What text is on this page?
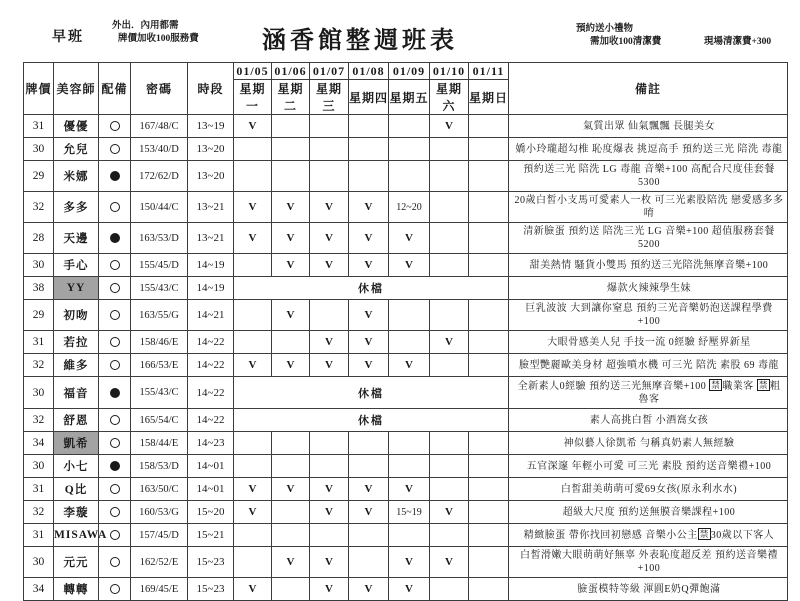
早班
外出．內用都需
牌價加收100服務費	涵香館整週班表	預約送小禮物
需加收100清潔費	現場清潔費+300
牌價	美容師	配備	密碼	時段	01/05	01/06	01/07	01/08	01/09	01/10	01/11	備註
					星期一	星期二	星期三	星期四	星期五	星期六	星期日	
31	優優		167/48/C	13~19	V					V		氣質出眾 仙氣飄飄 長腿美女
30	允兒		153/40/D	13~20								嬌小玲瓏超勾椎 恥度爆表 挑逗高手 預約送三光 陪洗 毒龍
29	米娜		172/62/D	13~20								預約送三光 陪洗 LG 毒龍 音樂+100 高配合尺度佳套餐5300
32	多多		150/44/C	13~21	V	V	V	V	12~20			20歲白皙小支馬可愛素人一枚 可三光素股陪洗 戀愛感多多唷
28	天邊		163/53/D	13~21	V	V	V	V	V			清新臉蛋 預約送 陪洗三光 LG 音樂+100 超值服務套餐5200
30	手心		155/45/D	14~19		V	V	V	V			甜美熱情 騷貨小雙馬 預約送三光陪洗無摩音樂+100
38	YY		155/43/C	14~19	休檔							爆款火辣辣學生妹
29	初吻		163/55/G	14~21		V		V				巨乳波波 大到讓你窒息 預約三光音樂奶泡送課程學費+100
31	若拉		158/46/E	14~22			V	V		V		大眼骨感美人兒 手技一流 0經驗 紓壓界新星
32	維多		166/53/E	14~22	V	V	V	V	V			臉型艷麗歐美身材 超強噴水機 可三光 陪洗 素股 69 毒龍
30	福音		155/43/C	14~22	休檔							全新素人0經驗 預約送三光無摩音樂+100 禁 職業客 禁 粗魯客
32	舒恩		165/54/C	14~22	休檔							素人高挑白皙 小酒窩女孩
34	凱希		158/44/E	14~23								神似藝人徐凱希 勻稱真奶素人無經驗
30	小七		158/53/D	14~01								五官深邃 年輕小可愛 可三光 素股 預約送音樂禮+100
31	Q比		163/50/C	14~01	V	V	V	V	V			白皙甜美萌萌可愛69女孩(原永利水水)
32	李璇		160/53/G	15~20	V		V	V	15~19	V		超級大尺度 預約送無膜音樂課程+100
31	MISAWA		157/45/D	15~21								精緻臉蛋 帶你找回初戀感 音樂小公主 禁 30歲以下客人
30	元元		162/52/E	15~23		V	V		V	V		白皙滑嫩大眼萌萌好無辜 外表恥度超反差 預約送音樂禮+100
34	轉轉		169/45/E	15~23	V		V	V	V			臉蛋模特等級 渾圓E奶Q彈飽滿
